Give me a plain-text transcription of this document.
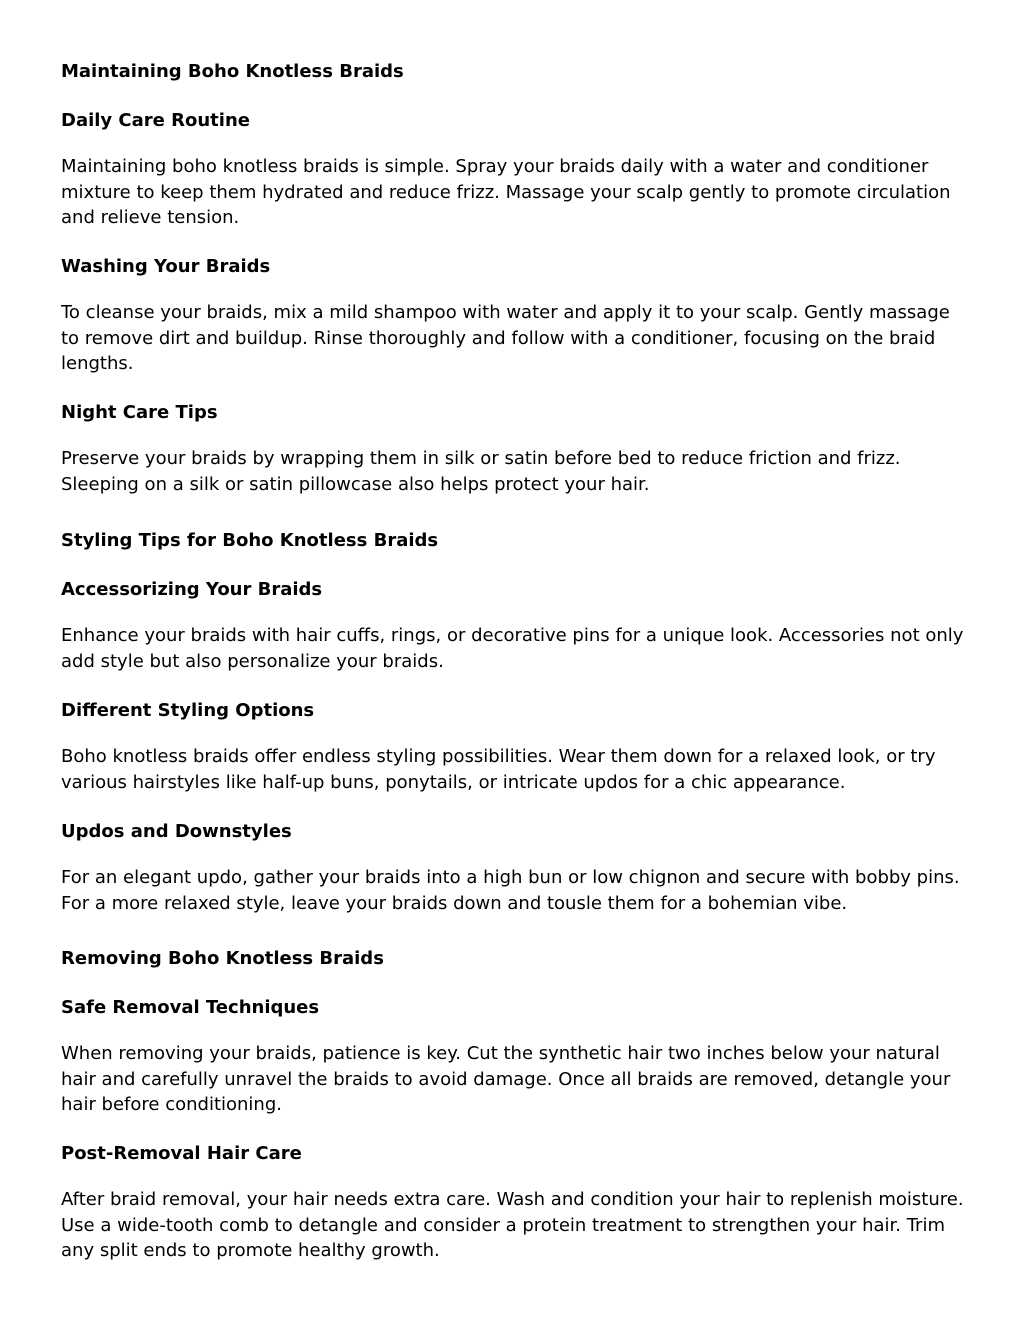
Maintaining Boho Knotless Braids
Daily Care Routine

Maintaining boho knotless braids is simple. Spray your braids daily with a water and conditioner mixture to keep them hydrated and reduce frizz. Massage your scalp gently to promote circulation and relieve tension.

Washing Your Braids

To cleanse your braids, mix a mild shampoo with water and apply it to your scalp. Gently massage to remove dirt and buildup. Rinse thoroughly and follow with a conditioner, focusing on the braid lengths.

Night Care Tips

Preserve your braids by wrapping them in silk or satin before bed to reduce friction and frizz. Sleeping on a silk or satin pillowcase also helps protect your hair.

Styling Tips for Boho Knotless Braids
Accessorizing Your Braids

Enhance your braids with hair cuffs, rings, or decorative pins for a unique look. Accessories not only add style but also personalize your braids.

Different Styling Options

Boho knotless braids offer endless styling possibilities. Wear them down for a relaxed look, or try various hairstyles like half-up buns, ponytails, or intricate updos for a chic appearance.

Updos and Downstyles

For an elegant updo, gather your braids into a high bun or low chignon and secure with bobby pins. For a more relaxed style, leave your braids down and tousle them for a bohemian vibe.

Removing Boho Knotless Braids
Safe Removal Techniques

When removing your braids, patience is key. Cut the synthetic hair two inches below your natural hair and carefully unravel the braids to avoid damage. Once all braids are removed, detangle your hair before conditioning.

Post-Removal Hair Care

After braid removal, your hair needs extra care. Wash and condition your hair to replenish moisture. Use a wide-tooth comb to detangle and consider a protein treatment to strengthen your hair. Trim any split ends to promote healthy growth.
